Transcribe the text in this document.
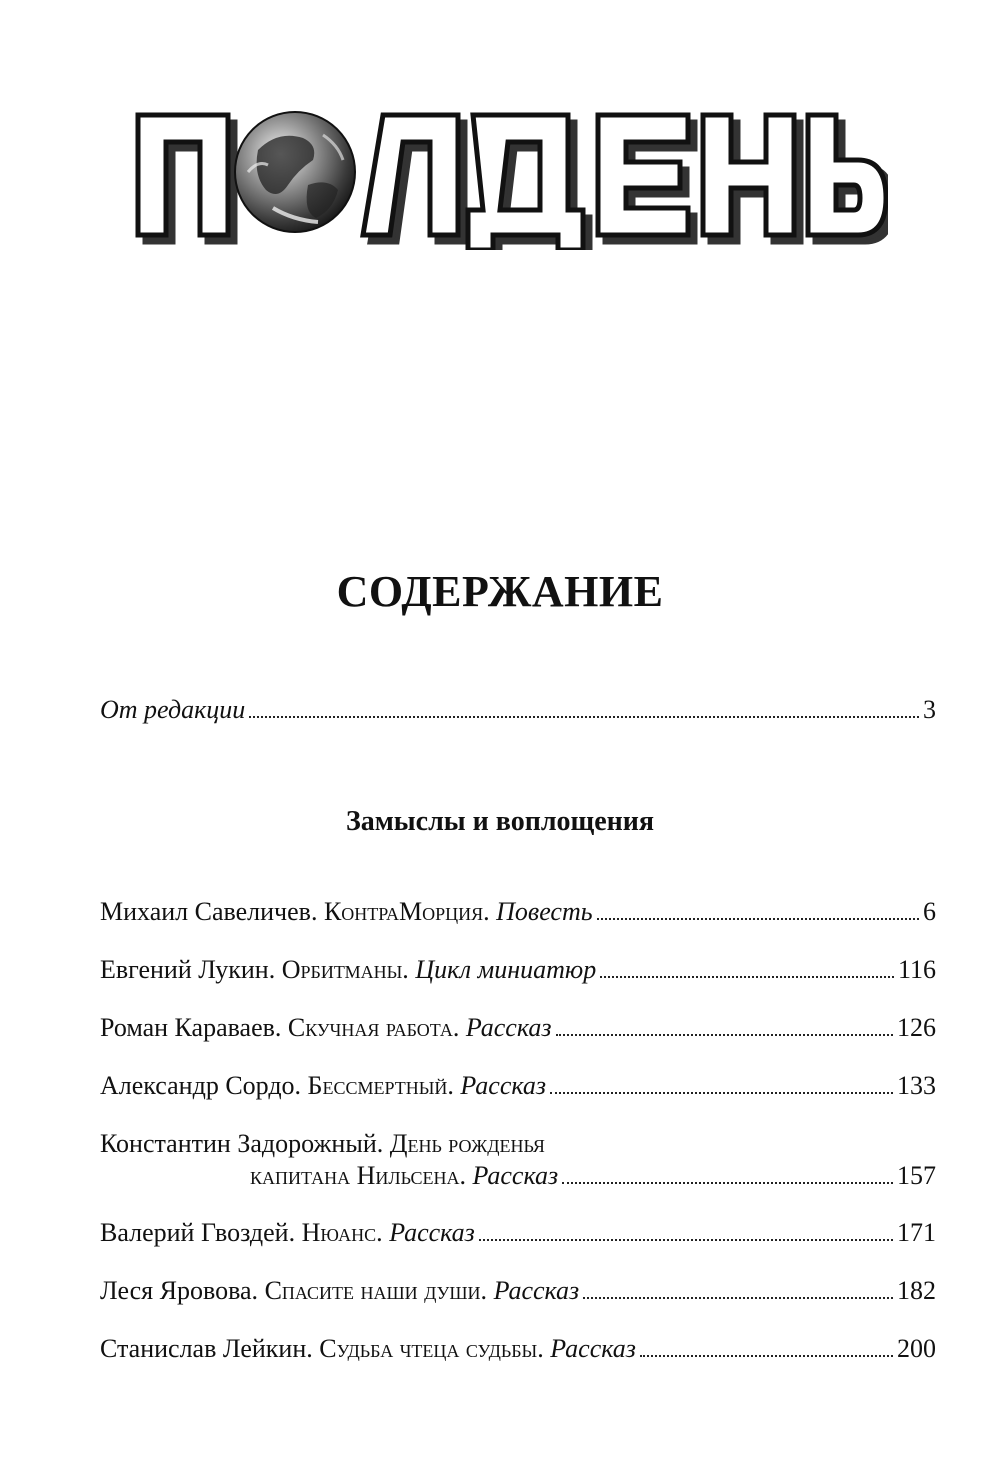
СОДЕРЖАНИЕ
От редакции	3
Замыслы и воплощения
Михаил Савеличев.
КонтраМорция.
Повесть	6
Евгений Лукин.
Орбитманы.
Цикл миниатюр	116
Роман Караваев.
Скучная работа.
Рассказ	126
Александр Сордо.
Бессмертный.
Рассказ	133
Константин Задорожный. День рожденья
капитана Нильсена.
Рассказ	157
Валерий Гвоздей.
Нюанс.
Рассказ	171
Леся Яровова.
Спасите наши души.
Рассказ	182
Станислав Лейкин.
Судьба чтеца судьбы.
Рассказ	200
